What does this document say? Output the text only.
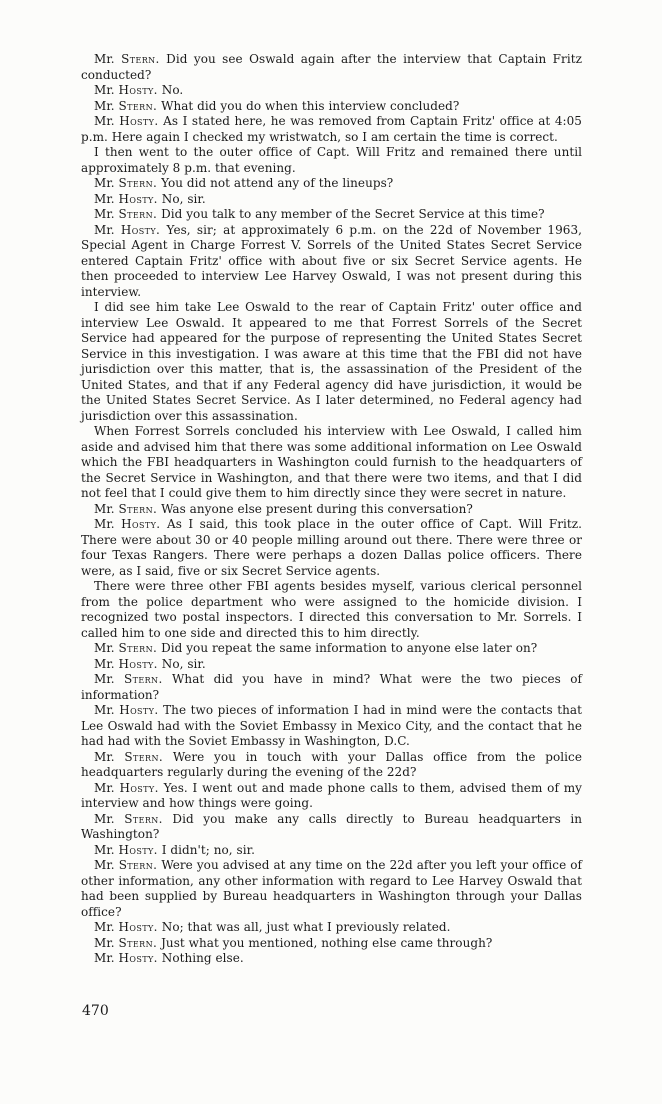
Mr. Stern. Did you see Oswald again after the interview that Captain Fritz conducted?

Mr. Hosty. No.

Mr. Stern. What did you do when this interview concluded?

Mr. Hosty. As I stated here, he was removed from Captain Fritz' office at 4:05 p.m. Here again I checked my wristwatch, so I am certain the time is correct.

I then went to the outer office of Capt. Will Fritz and remained there until approximately 8 p.m. that evening.

Mr. Stern. You did not attend any of the lineups?

Mr. Hosty. No, sir.

Mr. Stern. Did you talk to any member of the Secret Service at this time?

Mr. Hosty. Yes, sir; at approximately 6 p.m. on the 22d of November 1963, Special Agent in Charge Forrest V. Sorrels of the United States Secret Service entered Captain Fritz' office with about five or six Secret Service agents. He then proceeded to interview Lee Harvey Oswald, I was not present during this interview.

I did see him take Lee Oswald to the rear of Captain Fritz' outer office and interview Lee Oswald. It appeared to me that Forrest Sorrels of the Secret Service had appeared for the purpose of representing the United States Secret Service in this investigation. I was aware at this time that the FBI did not have jurisdiction over this matter, that is, the assassination of the President of the United States, and that if any Federal agency did have jurisdiction, it would be the United States Secret Service. As I later determined, no Federal agency had jurisdiction over this assassination.

When Forrest Sorrels concluded his interview with Lee Oswald, I called him aside and advised him that there was some additional information on Lee Oswald which the FBI headquarters in Washington could furnish to the headquarters of the Secret Service in Washington, and that there were two items, and that I did not feel that I could give them to him directly since they were secret in nature.

Mr. Stern. Was anyone else present during this conversation?

Mr. Hosty. As I said, this took place in the outer office of Capt. Will Fritz. There were about 30 or 40 people milling around out there. There were three or four Texas Rangers. There were perhaps a dozen Dallas police officers. There were, as I said, five or six Secret Service agents.

There were three other FBI agents besides myself, various clerical personnel from the police department who were assigned to the homicide division. I recognized two postal inspectors. I directed this conversation to Mr. Sorrels. I called him to one side and directed this to him directly.

Mr. Stern. Did you repeat the same information to anyone else later on?

Mr. Hosty. No, sir.

Mr. Stern. What did you have in mind? What were the two pieces of information?

Mr. Hosty. The two pieces of information I had in mind were the contacts that Lee Oswald had with the Soviet Embassy in Mexico City, and the contact that he had had with the Soviet Embassy in Washington, D.C.

Mr. Stern. Were you in touch with your Dallas office from the police headquarters regularly during the evening of the 22d?

Mr. Hosty. Yes. I went out and made phone calls to them, advised them of my interview and how things were going.

Mr. Stern. Did you make any calls directly to Bureau headquarters in Washington?

Mr. Hosty. I didn't; no, sir.

Mr. Stern. Were you advised at any time on the 22d after you left your office of other information, any other information with regard to Lee Harvey Oswald that had been supplied by Bureau headquarters in Washington through your Dallas office?

Mr. Hosty. No; that was all, just what I previously related.

Mr. Stern. Just what you mentioned, nothing else came through?

Mr. Hosty. Nothing else.

470
